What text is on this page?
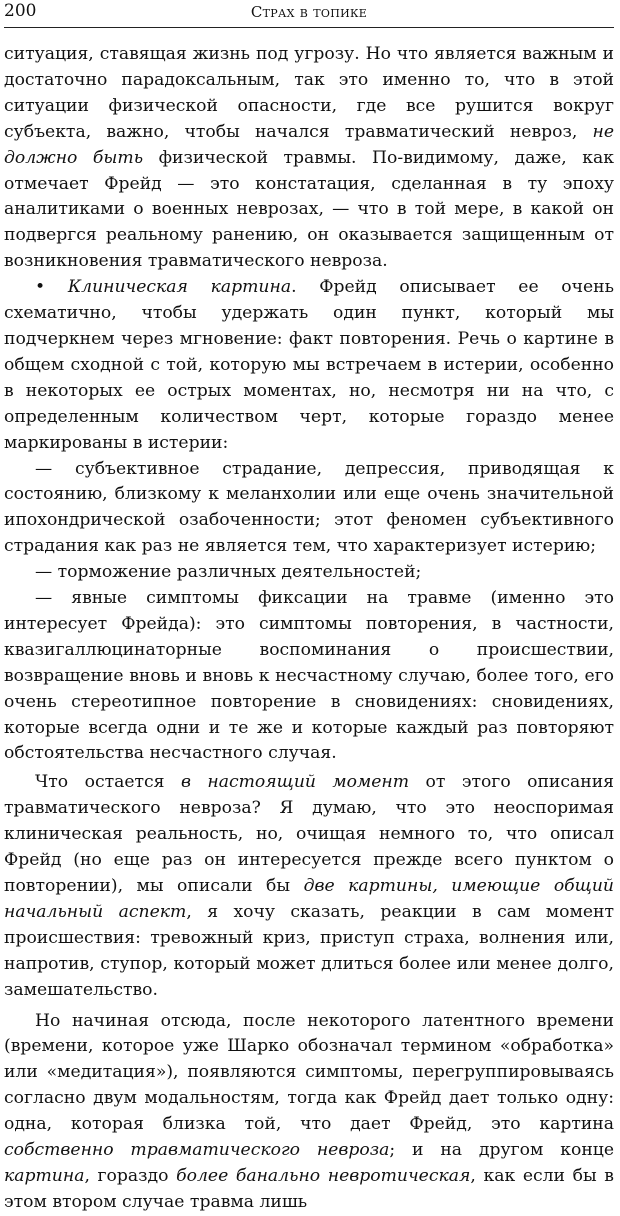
200	Страх в топике

ситуация, ставящая жизнь под угрозу. Но что является важным и достаточно парадоксальным, так это именно то, что в этой ситуации физической опасности, где все рушится вокруг субъекта, важно, чтобы начался травматический невроз, не должно быть физической травмы. По-видимому, даже, как отмечает Фрейд — это констатация, сделанная в ту эпоху аналитиками о военных неврозах, — что в той мере, в какой он подвергся реальному ранению, он оказывается защищенным от возникновения травматического невроза.

• Клиническая картина. Фрейд описывает ее очень схематично, чтобы удержать один пункт, который мы подчеркнем через мгновение: факт повторения. Речь о картине в общем сходной с той, которую мы встречаем в истерии, особенно в некоторых ее острых моментах, но, несмотря ни на что, с определенным количеством черт, которые гораздо менее маркированы в истерии:

— субъективное страдание, депрессия, приводящая к состоянию, близкому к меланхолии или еще очень значительной ипохондрической озабоченности; этот феномен субъективного страдания как раз не является тем, что характеризует истерию;

— торможение различных деятельностей;

— явные симптомы фиксации на травме (именно это интересует Фрейда): это симптомы повторения, в частности, квазигаллюцинаторные воспоминания о происшествии, возвращение вновь и вновь к несчастному случаю, более того, его очень стереотипное повторение в сновидениях: сновидениях, которые всегда одни и те же и которые каждый раз повторяют обстоятельства несчастного случая.

Что остается в настоящий момент от этого описания травматического невроза? Я думаю, что это неоспоримая клиническая реальность, но, очищая немного то, что описал Фрейд (но еще раз он интересуется прежде всего пунктом о повторении), мы описали бы две картины, имеющие общий начальный аспект, я хочу сказать, реакции в сам момент происшествия: тревожный криз, приступ страха, волнения или, напротив, ступор, который может длиться более или менее долго, замешательство.

Но начиная отсюда, после некоторого латентного времени (времени, которое уже Шарко обозначал термином «обработка» или «медитация»), появляются симптомы, перегруппировываясь согласно двум модальностям, тогда как Фрейд дает только одну: одна, которая близка той, что дает Фрейд, это картина собственно травматического невроза; и на другом конце картина, гораздо более банально невротическая, как если бы в этом втором случае травма лишь
